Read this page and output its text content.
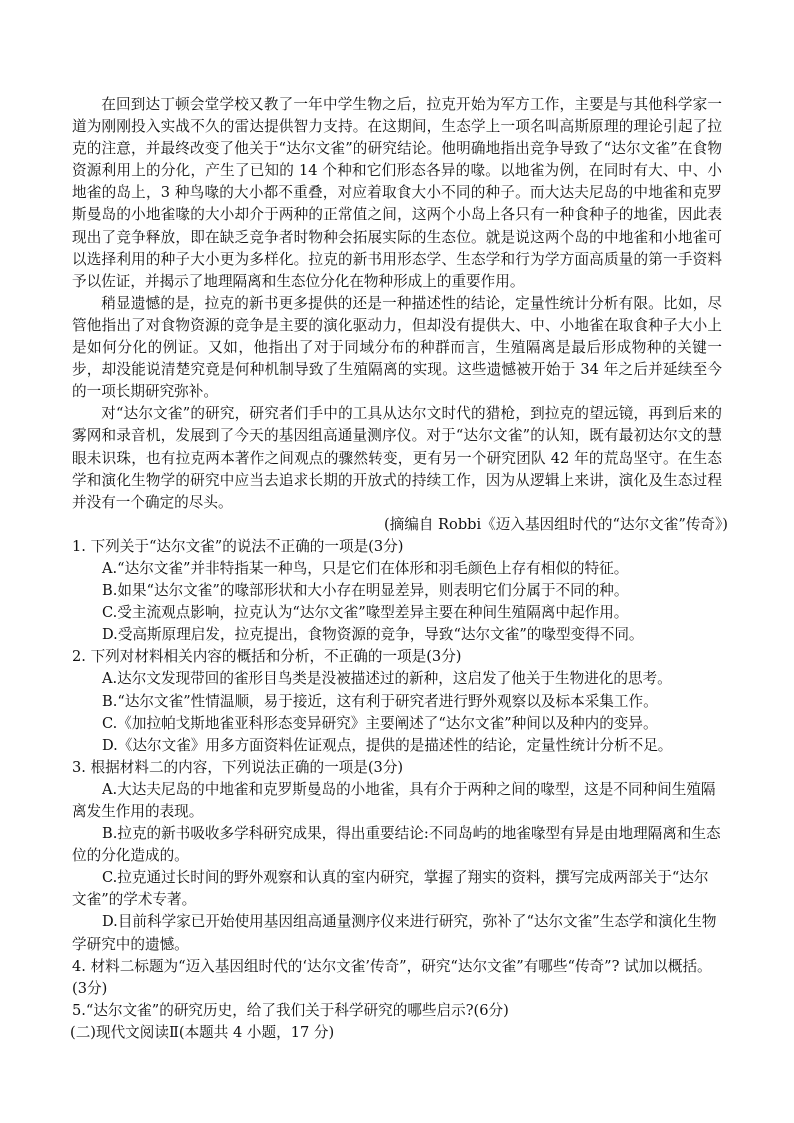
在回到达丁顿会堂学校又教了一年中学生物之后，拉克开始为军方工作，主要是与其他科学家一道为刚刚投入实战不久的雷达提供智力支持。在这期间，生态学上一项名叫高斯原理的理论引起了拉克的注意，并最终改变了他关于“达尔文雀”的研究结论。他明确地指出竞争导致了“达尔文雀”在食物资源利用上的分化，产生了已知的 14 个种和它们形态各异的喙。以地雀为例，在同时有大、中、小地雀的岛上，3 种鸟喙的大小都不重叠，对应着取食大小不同的种子。而大达夫尼岛的中地雀和克罗斯曼岛的小地雀喙的大小却介于两种的正常值之间，这两个小岛上各只有一种食种子的地雀，因此表现出了竞争释放，即在缺乏竞争者时物种会拓展实际的生态位。就是说这两个岛的中地雀和小地雀可以选择利用的种子大小更为多样化。拉克的新书用形态学、生态学和行为学方面高质量的第一手资料予以佐证，并揭示了地理隔离和生态位分化在物种形成上的重要作用。

稍显遗憾的是，拉克的新书更多提供的还是一种描述性的结论，定量性统计分析有限。比如，尽管他指出了对食物资源的竞争是主要的演化驱动力，但却没有提供大、中、小地雀在取食种子大小上是如何分化的例证。又如，他指出了对于同域分布的种群而言，生殖隔离是最后形成物种的关键一步，却没能说清楚究竟是何种机制导致了生殖隔离的实现。这些遗憾被开始于 34 年之后并延续至今的一项长期研究弥补。

对“达尔文雀”的研究，研究者们手中的工具从达尔文时代的猎枪，到拉克的望远镜，再到后来的雾网和录音机，发展到了今天的基因组高通量测序仪。对于“达尔文雀”的认知，既有最初达尔文的慧眼未识珠，也有拉克两本著作之间观点的骤然转变，更有另一个研究团队 42 年的荒岛坚守。在生态学和演化生物学的研究中应当去追求长期的开放式的持续工作，因为从逻辑上来讲，演化及生态过程并没有一个确定的尽头。

(摘编自 Robbi《迈入基因组时代的“达尔文雀”传奇》)

1. 下列关于“达尔文雀”的说法不正确的一项是(3分)

A.“达尔文雀”并非特指某一种鸟，只是它们在体形和羽毛颜色上存有相似的特征。

B.如果“达尔文雀”的喙部形状和大小存在明显差异，则表明它们分属于不同的种。

C.受主流观点影响，拉克认为“达尔文雀”喙型差异主要在种间生殖隔离中起作用。

D.受高斯原理启发，拉克提出，食物资源的竞争，导致“达尔文雀”的喙型变得不同。

2. 下列对材料相关内容的概括和分析，不正确的一项是(3分)

A.达尔文发现带回的雀形目鸟类是没被描述过的新种，这启发了他关于生物进化的思考。

B.“达尔文雀”性情温顺，易于接近，这有利于研究者进行野外观察以及标本采集工作。

C.《加拉帕戈斯地雀亚科形态变异研究》主要阐述了“达尔文雀”种间以及种内的变异。

D.《达尔文雀》用多方面资料佐证观点，提供的是描述性的结论，定量性统计分析不足。

3. 根据材料二的内容，下列说法正确的一项是(3分)

A.大达夫尼岛的中地雀和克罗斯曼岛的小地雀，具有介于两种之间的喙型，这是不同种间生殖隔离发生作用的表现。

B.拉克的新书吸收多学科研究成果，得出重要结论:不同岛屿的地雀喙型有异是由地理隔离和生态位的分化造成的。

C.拉克通过长时间的野外观察和认真的室内研究，掌握了翔实的资料，撰写完成两部关于“达尔文雀”的学术专著。

D.目前科学家已开始使用基因组高通量测序仪来进行研究，弥补了“达尔文雀”生态学和演化生物学研究中的遗憾。

4. 材料二标题为“迈入基因组时代的‘达尔文雀’传奇”，研究“达尔文雀”有哪些“传奇”? 试加以概括。(3分)

5.“达尔文雀”的研究历史，给了我们关于科学研究的哪些启示?(6分)

(二)现代文阅读Ⅱ(本题共 4 小题，17 分)
